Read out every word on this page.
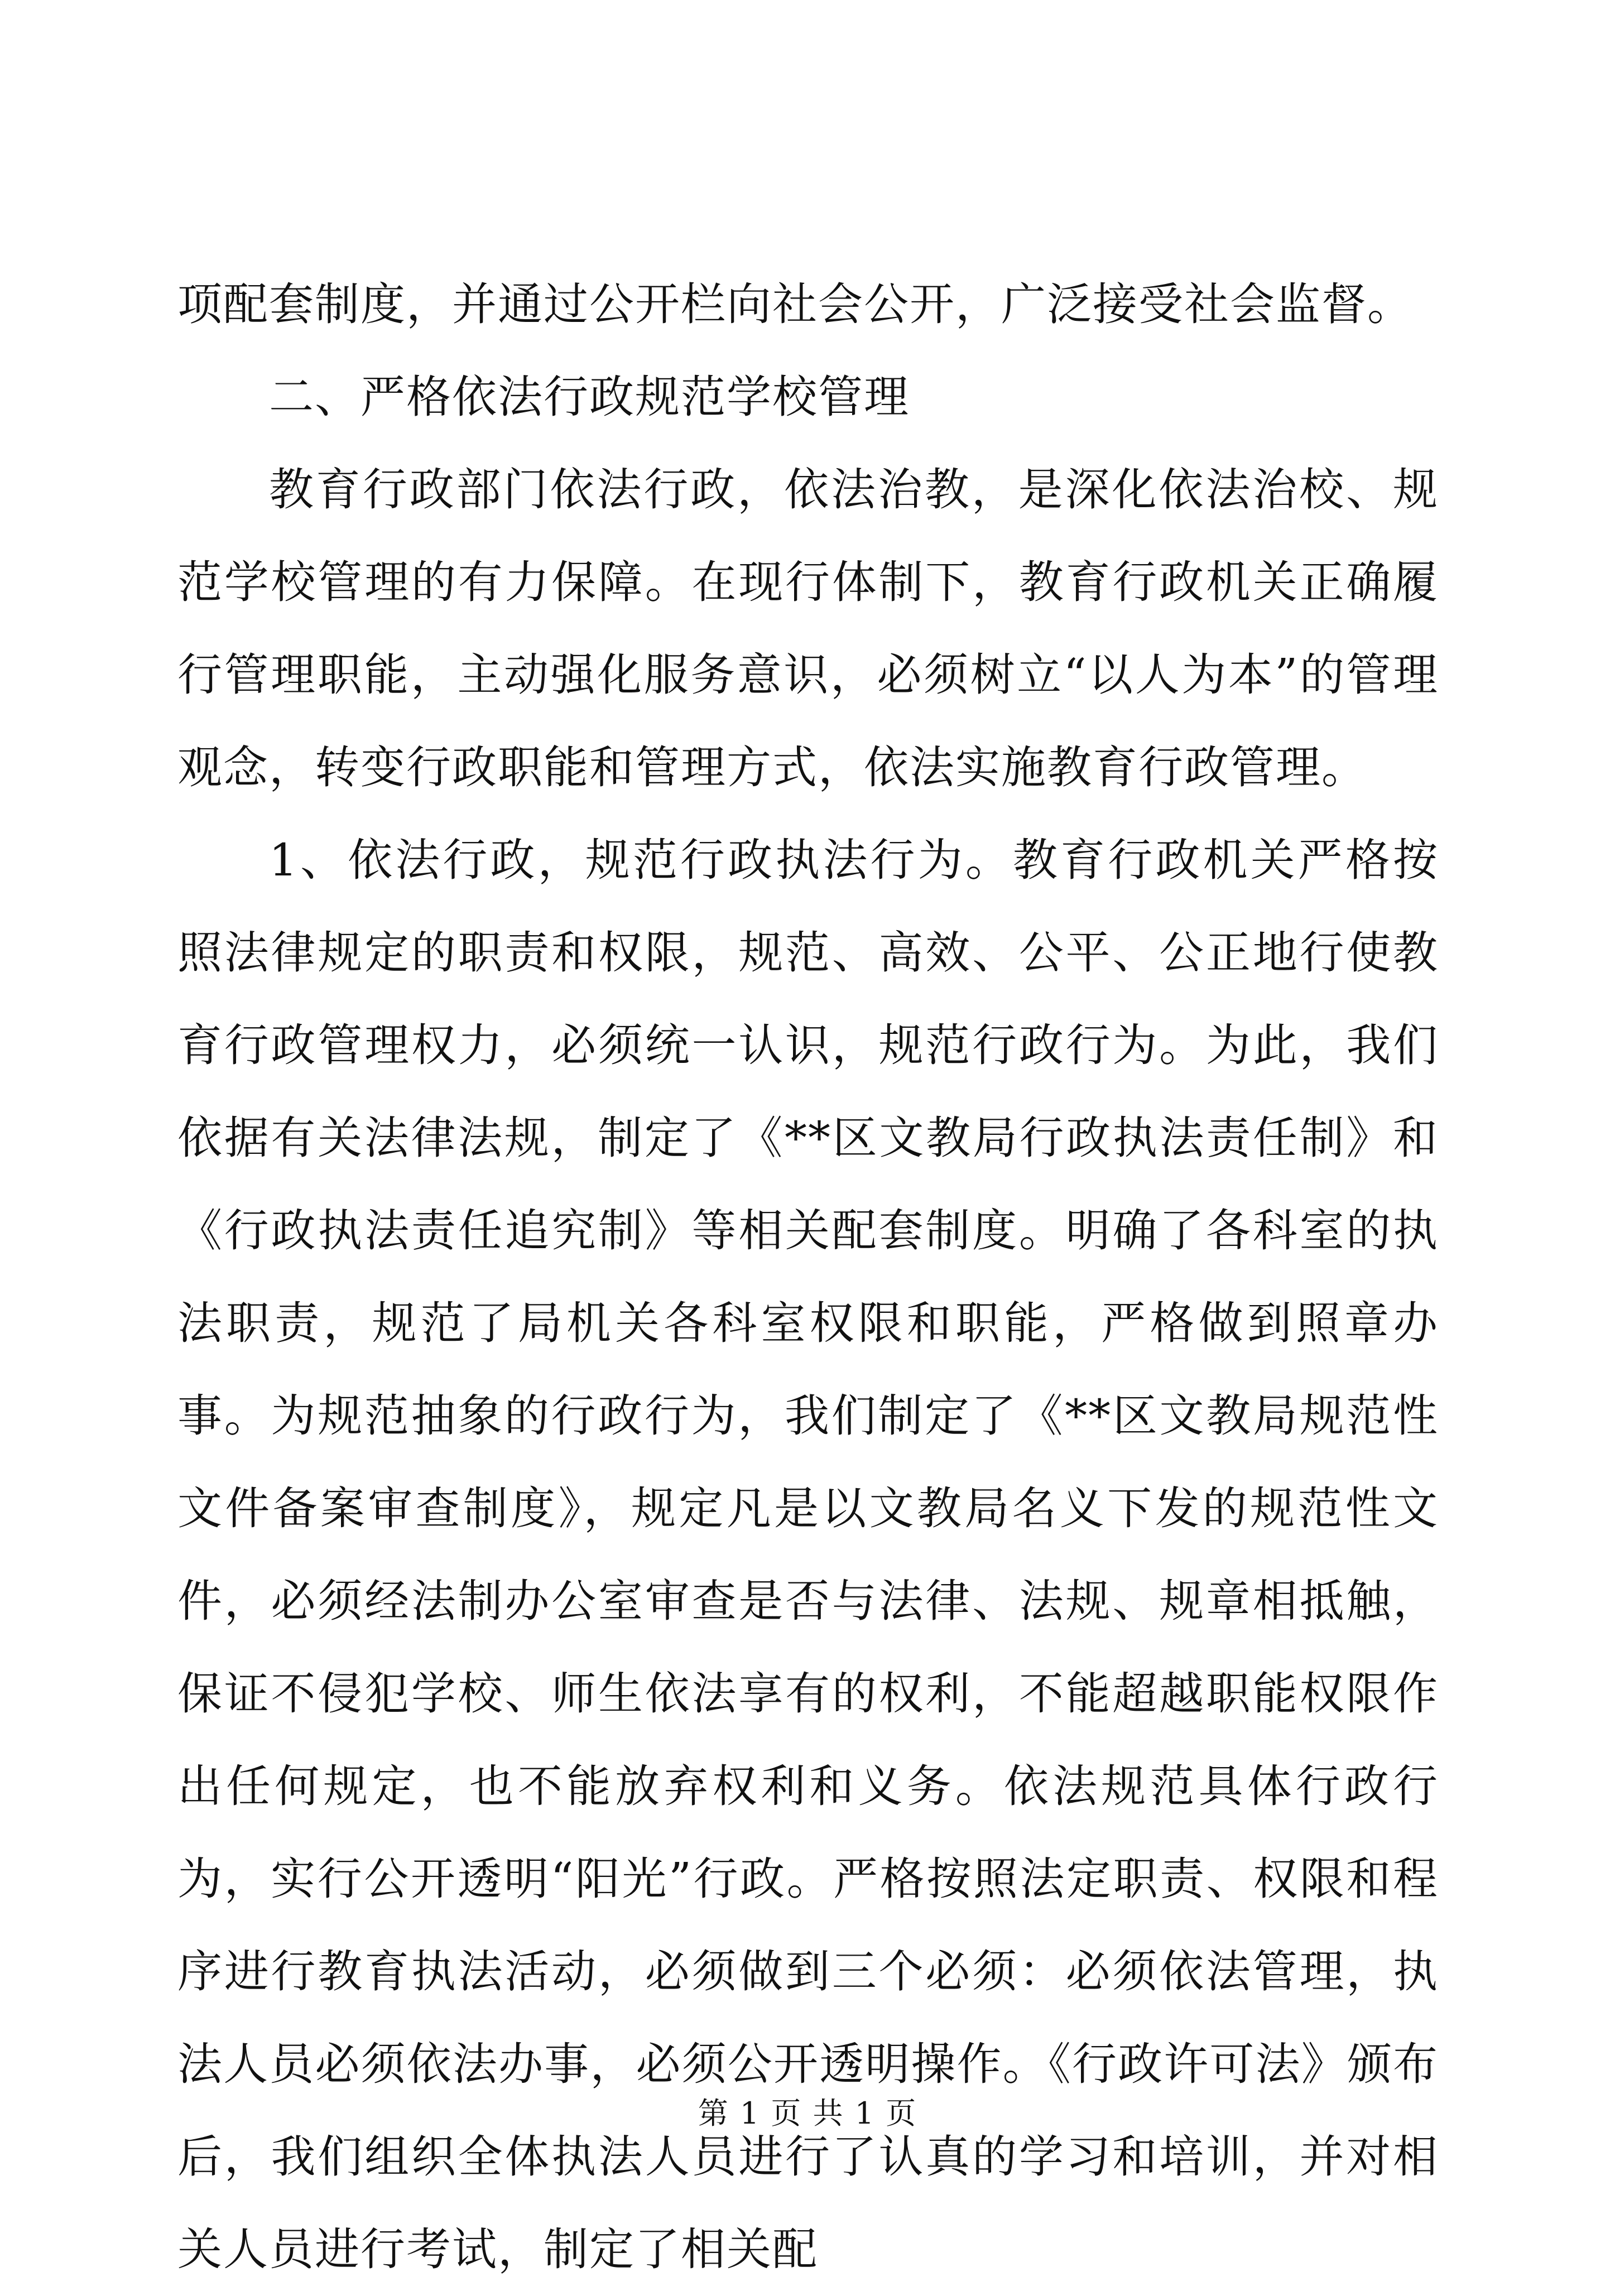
项配套制度，并通过公开栏向社会公开，广泛接受社会监督。

二、严格依法行政规范学校管理

教育行政部门依法行政，依法治教，是深化依法治校、规范学校管理的有力保障。在现行体制下，教育行政机关正确履行管理职能，主动强化服务意识，必须树立“以人为本”的管理观念，转变行政职能和管理方式，依法实施教育行政管理。

1、依法行政，规范行政执法行为。教育行政机关严格按照法律规定的职责和权限，规范、高效、公平、公正地行使教育行政管理权力，必须统一认识，规范行政行为。为此，我们依据有关法律法规，制定了《**区文教局行政执法责任制》和《行政执法责任追究制》等相关配套制度。明确了各科室的执法职责，规范了局机关各科室权限和职能，严格做到照章办事。为规范抽象的行政行为，我们制定了《**区文教局规范性文件备案审查制度》，规定凡是以文教局名义下发的规范性文件，必须经法制办公室审查是否与法律、法规、规章相抵触，保证不侵犯学校、师生依法享有的权利，不能超越职能权限作出任何规定，也不能放弃权利和义务。依法规范具体行政行为，实行公开透明“阳光”行政。严格按照法定职责、权限和程序进行教育执法活动，必须做到三个必须：必须依法管理，执法人员必须依法办事，必须公开透明操作。《行政许可法》颁布后，我们组织全体执法人员进行了认真的学习和培训，并对相关人员进行考试，制定了相关配

第 1 页 共 1 页
